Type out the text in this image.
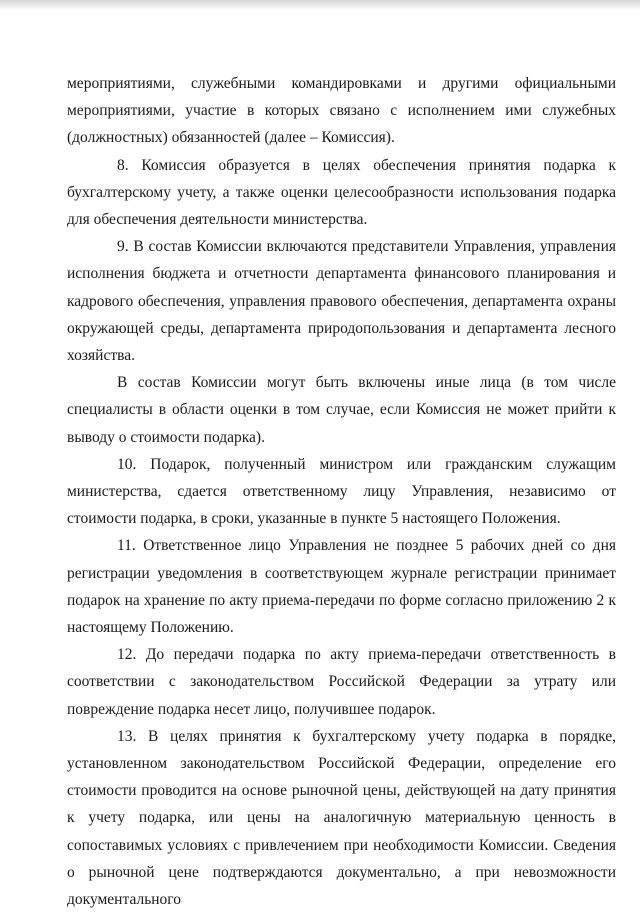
мероприятиями, служебными командировками и другими официальными мероприятиями, участие в которых связано с исполнением ими служебных (должностных) обязанностей (далее – Комиссия).

8. Комиссия образуется в целях обеспечения принятия подарка к бухгалтерскому учету, а также оценки целесообразности использования подарка для обеспечения деятельности министерства.

9. В состав Комиссии включаются представители Управления, управления исполнения бюджета и отчетности департамента финансового планирования и кадрового обеспечения, управления правового обеспечения, департамента охраны окружающей среды, департамента природопользования и департамента лесного хозяйства.

В состав Комиссии могут быть включены иные лица (в том числе специалисты в области оценки в том случае, если Комиссия не может прийти к выводу о стоимости подарка).

10. Подарок, полученный министром или гражданским служащим министерства, сдается ответственному лицу Управления, независимо от стоимости подарка, в сроки, указанные в пункте 5 настоящего Положения.

11. Ответственное лицо Управления не позднее 5 рабочих дней со дня регистрации уведомления в соответствующем журнале регистрации принимает подарок на хранение по акту приема-передачи по форме согласно приложению 2 к настоящему Положению.

12. До передачи подарка по акту приема-передачи ответственность в соответствии с законодательством Российской Федерации за утрату или повреждение подарка несет лицо, получившее подарок.

13. В целях принятия к бухгалтерскому учету подарка в порядке, установленном законодательством Российской Федерации, определение его стоимости проводится на основе рыночной цены, действующей на дату принятия к учету подарка, или цены на аналогичную материальную ценность в сопоставимых условиях с привлечением при необходимости Комиссии. Сведения о рыночной цене подтверждаются документально, а при невозможности документального
